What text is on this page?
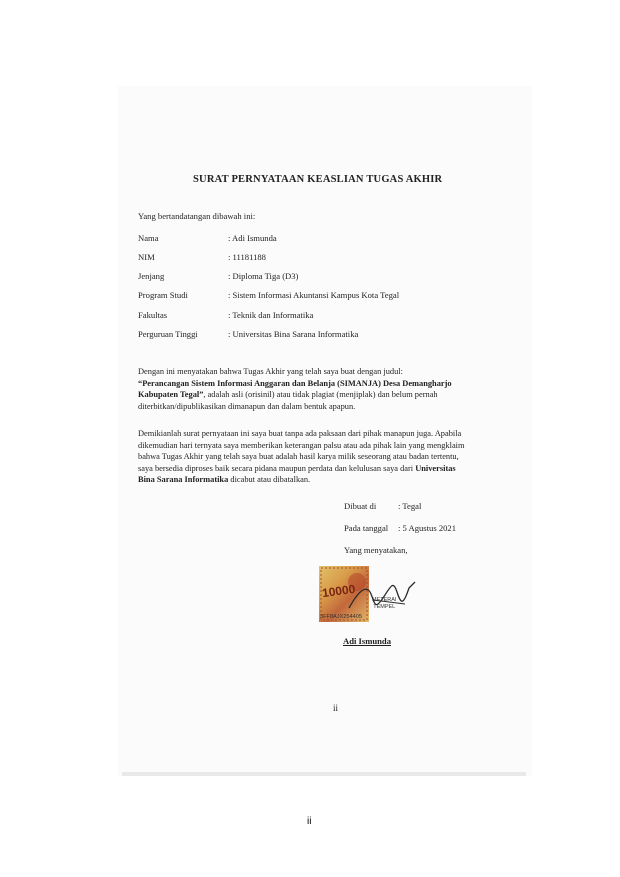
SURAT PERNYATAAN KEASLIAN TUGAS AKHIR
Yang bertandatangan dibawah ini:
Nama	: Adi Ismunda
NIM	: 11181188
Jenjang	: Diploma Tiga (D3)
Program Studi	: Sistem Informasi Akuntansi Kampus Kota Tegal
Fakultas	: Teknik dan Informatika
Perguruan Tinggi	: Universitas Bina Sarana Informatika
Dengan ini menyatakan bahwa Tugas Akhir yang telah saya buat dengan judul:
“Perancangan Sistem Informasi Anggaran dan Belanja (SIMANJA) Desa Demangharjo
Kabupaten Tegal”, adalah asli (orisinil) atau tidak plagiat (menjiplak) dan belum pernah
diterbitkan/dipublikasikan dimanapun dan dalam bentuk apapun.
Demikianlah surat pernyataan ini saya buat tanpa ada paksaan dari pihak manapun juga. Apabila
dikemudian hari ternyata saya memberikan keterangan palsu atau ada pihak lain yang mengklaim
bahwa Tugas Akhir yang telah saya buat adalah hasil karya milik seseorang atau badan tertentu,
saya bersedia diproses baik secara pidana maupun perdata dan kelulusan saya dari Universitas
Bina Sarana Informatika dicabut atau dibatalkan.
Dibuat di	: Tegal
Pada tanggal : 5 Agustus 2021
Yang menyatakan,
10000
3FF8AJX254405
METERAI
TEMPEL
Adi Ismunda
ii
ii
